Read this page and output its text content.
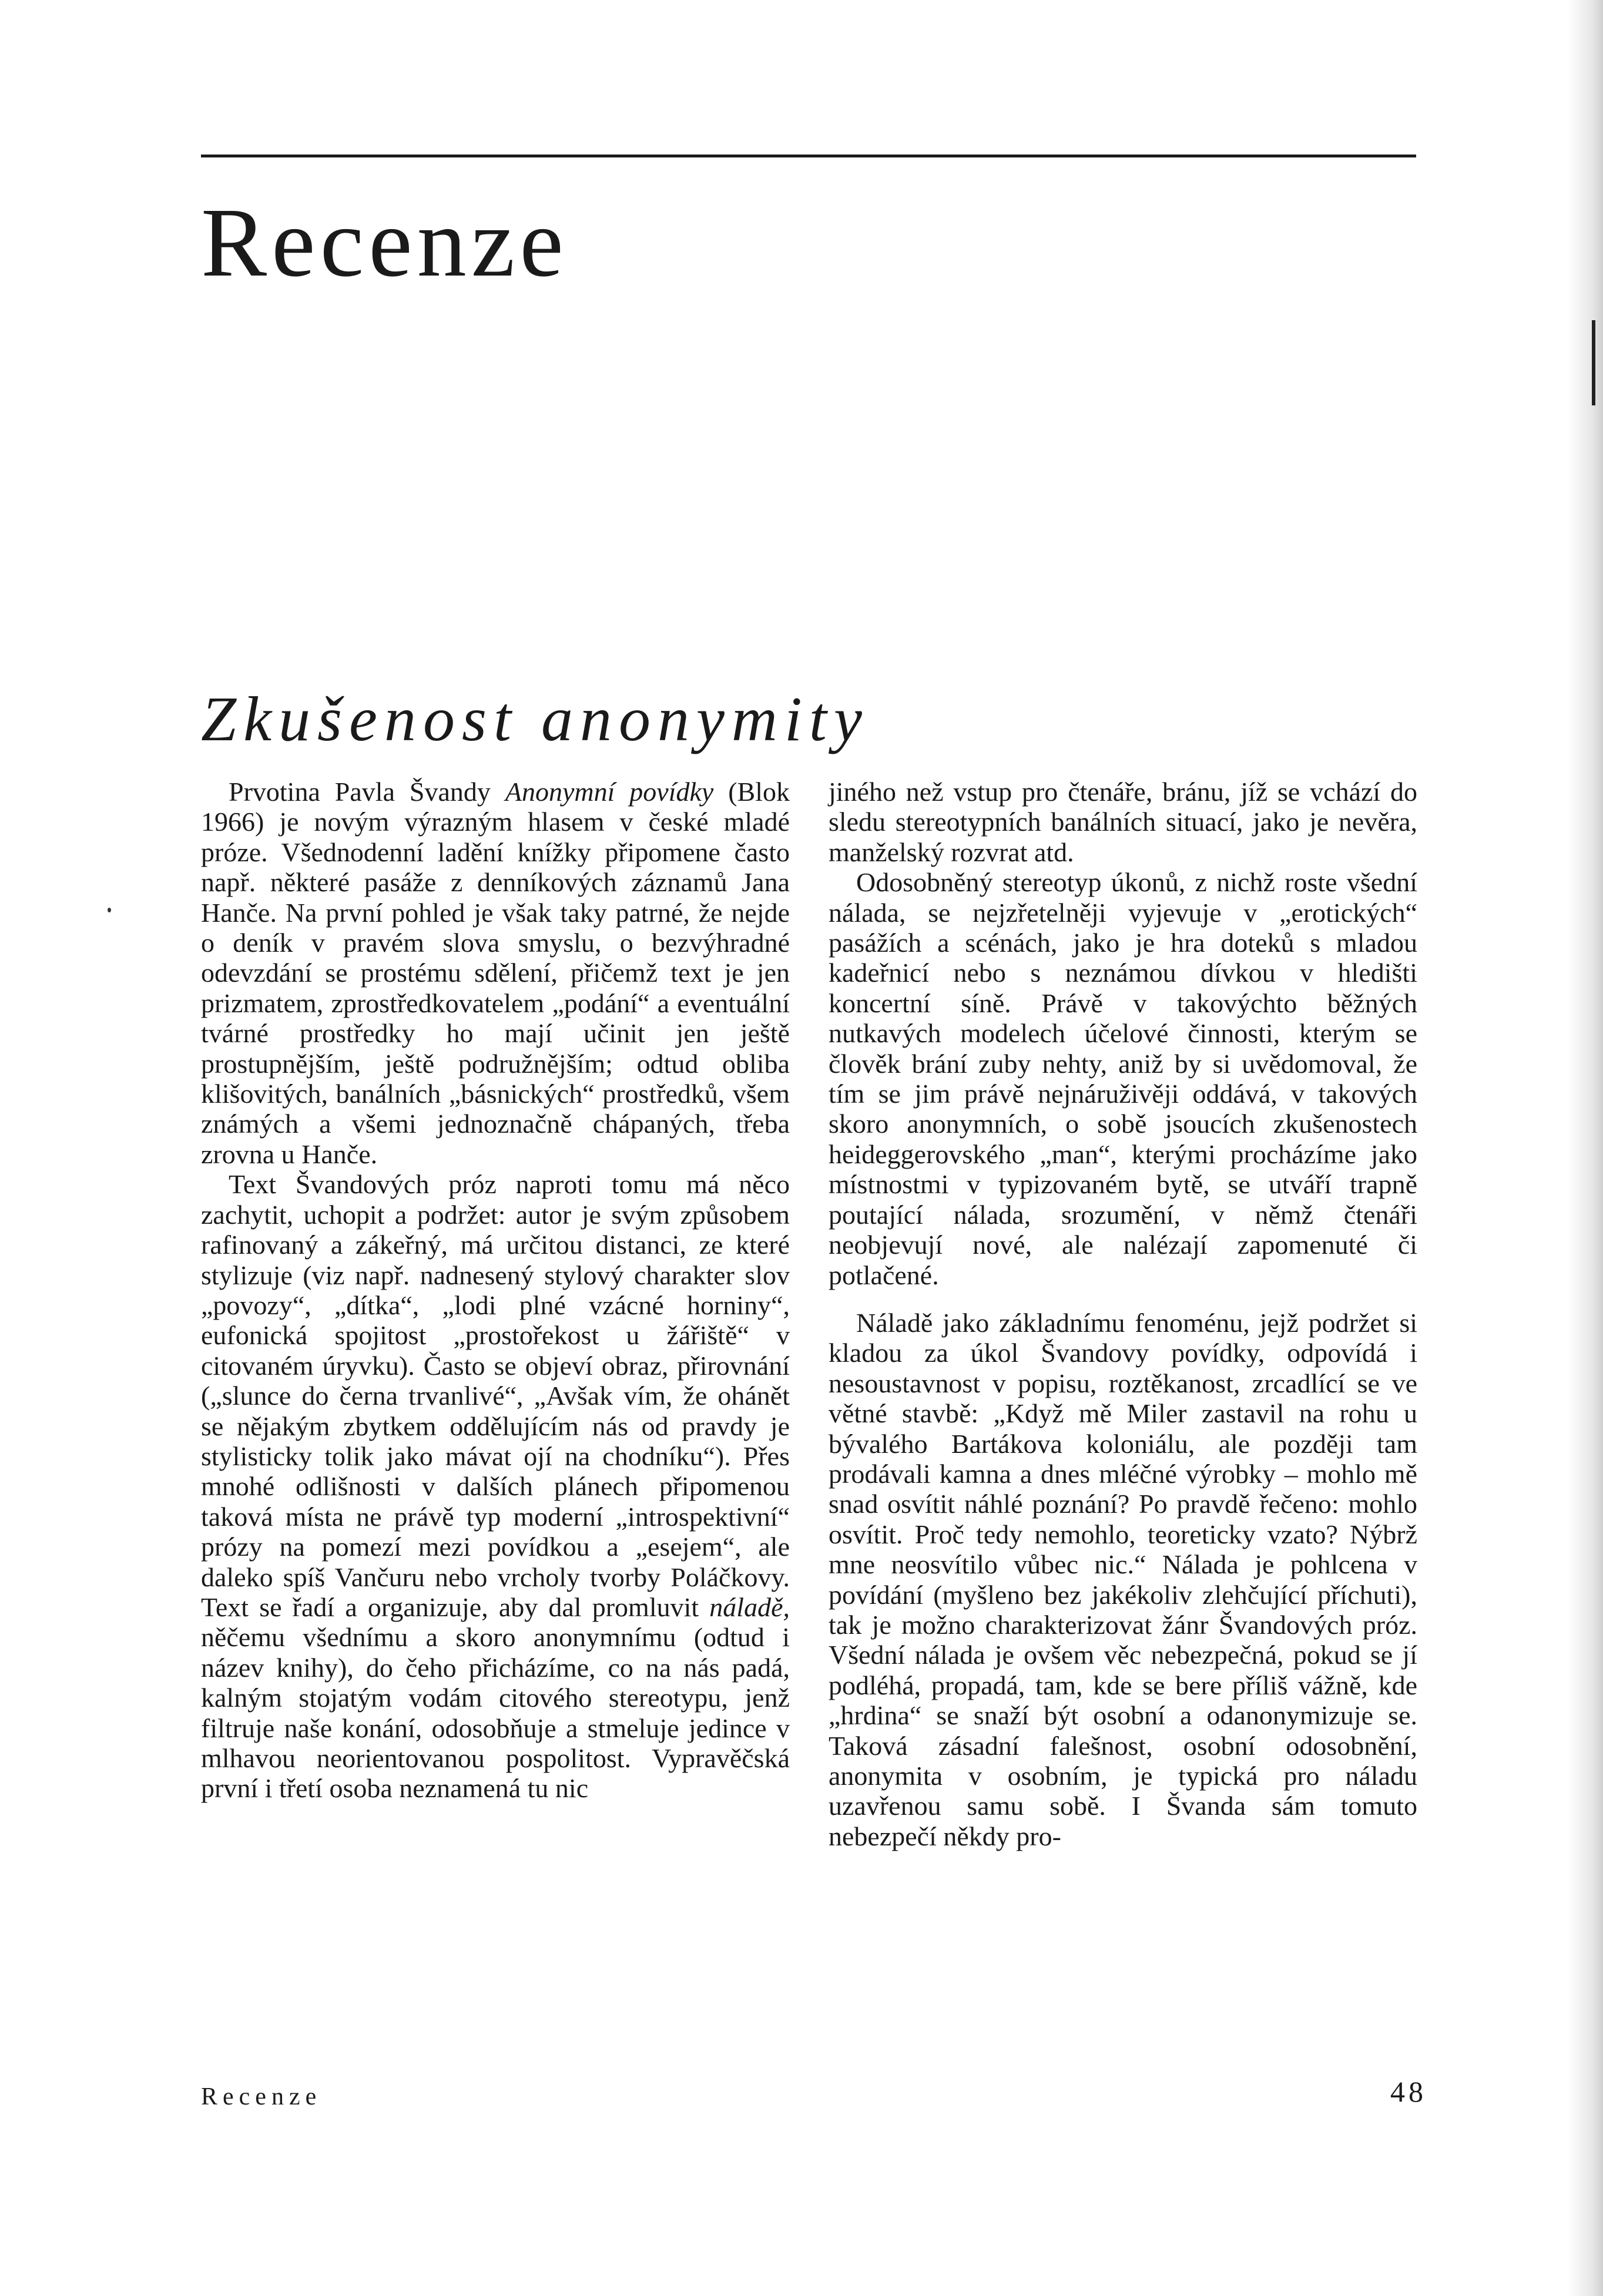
Recenze
Zkušenost anonymity

Prvotina Pavla Švandy Anonymní povídky (Blok 1966) je novým výrazným hlasem v české mladé próze. Všednodenní ladění knížky připomene často např. některé pasáže z denníkových záznamů Jana Hanče. Na první pohled je však taky patrné, že nejde o deník v pravém slova smyslu, o bezvýhradné odevzdání se prostému sdělení, přičemž text je jen prizmatem, zprostředkovatelem „podání“ a eventuální tvárné prostředky ho mají učinit jen ještě prostupnějším, ještě podružnějším; odtud obliba klišovitých, banálních „básnických“ prostředků, všem známých a všemi jednoznačně chápaných, třeba zrovna u Hanče.

Text Švandových próz naproti tomu má něco zachytit, uchopit a podržet: autor je svým způsobem rafinovaný a zákeřný, má určitou distanci, ze které stylizuje (viz např. nadnesený stylový charakter slov „povozy“, „dítka“, „lodi plné vzácné horniny“, eufonická spojitost „prostořekost u žářiště“ v citovaném úryvku). Často se objeví obraz, přirovnání („slunce do černa trvanlivé“, „Avšak vím, že ohánět se nějakým zbytkem oddělujícím nás od pravdy je stylisticky tolik jako mávat ojí na chodníku“). Přes mnohé odlišnosti v dalších plánech připomenou taková místa ne právě typ moderní „introspektivní“ prózy na pomezí mezi povídkou a „esejem“, ale daleko spíš Vančuru nebo vrcholy tvorby Poláčkovy. Text se řadí a organizuje, aby dal promluvit náladě, něčemu všednímu a skoro anonymnímu (odtud i název knihy), do čeho přicházíme, co na nás padá, kalným stojatým vodám citového stereotypu, jenž filtruje naše konání, odosobňuje a stmeluje jedince v mlhavou neorientovanou pospolitost. Vypravěčská první i třetí osoba neznamená tu nic

jiného než vstup pro čtenáře, bránu, jíž se vchází do sledu stereotypních banálních situací, jako je nevěra, manželský rozvrat atd.

Odosobněný stereotyp úkonů, z nichž roste všední nálada, se nejzřetelněji vyjevuje v „erotických“ pasážích a scénách, jako je hra doteků s mladou kadeřnicí nebo s neznámou dívkou v hledišti koncertní síně. Právě v takovýchto běžných nutkavých modelech účelové činnosti, kterým se člověk brání zuby nehty, aniž by si uvědomoval, že tím se jim právě nejnáruživěji oddává, v takových skoro anonymních, o sobě jsoucích zkušenostech heideggerovského „man“, kterými procházíme jako místnostmi v typizovaném bytě, se utváří trapně poutající nálada, srozumění, v němž čtenáři neobjevují nové, ale nalézají zapomenuté či potlačené.

Náladě jako základnímu fenoménu, jejž podržet si kladou za úkol Švandovy povídky, odpovídá i nesoustavnost v popisu, roztěkanost, zrcadlící se ve větné stavbě: „Když mě Miler zastavil na rohu u bývalého Bartákova koloniálu, ale později tam prodávali kamna a dnes mléčné výrobky – mohlo mě snad osvítit náhlé poznání? Po pravdě řečeno: mohlo osvítit. Proč tedy nemohlo, teoreticky vzato? Nýbrž mne neosvítilo vůbec nic.“ Nálada je pohlcena v povídání (myšleno bez jakékoliv zlehčující příchuti), tak je možno charakterizovat žánr Švandových próz. Všední nálada je ovšem věc nebezpečná, pokud se jí podléhá, propadá, tam, kde se bere příliš vážně, kde „hrdina“ se snaží být osobní a odanonymizuje se. Taková zásadní falešnost, osobní odosobnění, anonymita v osobním, je typická pro náladu uzavřenou samu sobě. I Švanda sám tomuto nebezpečí někdy pro-

Recenze	48
